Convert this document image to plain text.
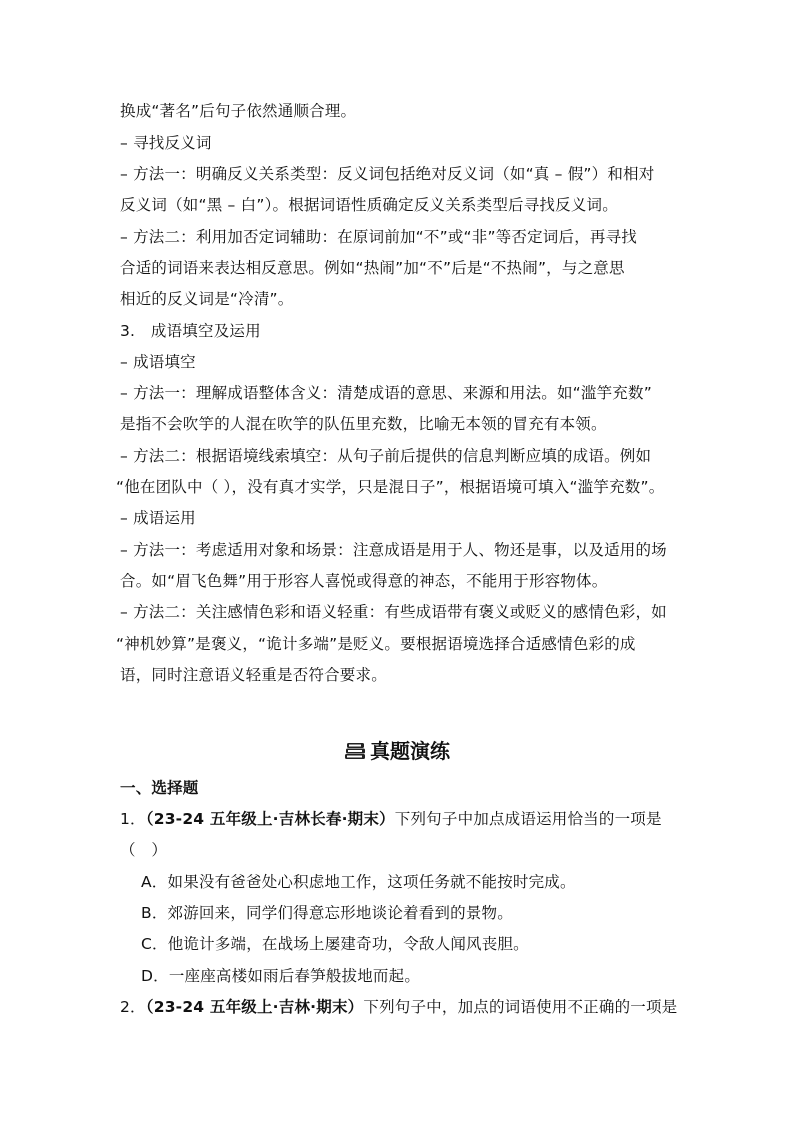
换成“著名”后句子依然通顺合理。
– 寻找反义词
– 方法一：明确反义关系类型：反义词包括绝对反义词（如“真 – 假”）和相对
反义词（如“黑 – 白”）。根据词语性质确定反义关系类型后寻找反义词。
– 方法二：利用加否定词辅助：在原词前加“不”或“非”等否定词后，再寻找
合适的词语来表达相反意思。例如“热闹”加“不”后是“不热闹”，与之意思
相近的反义词是“冷清”。
3.　成语填空及运用
– 成语填空
– 方法一：理解成语整体含义：清楚成语的意思、来源和用法。如“滥竽充数”
是指不会吹竽的人混在吹竽的队伍里充数，比喻无本领的冒充有本领。
– 方法二：根据语境线索填空：从句子前后提供的信息判断应填的成语。例如
“他在团队中（ ），没有真才实学，只是混日子”，根据语境可填入“滥竽充数”。
– 成语运用
– 方法一：考虑适用对象和场景：注意成语是用于人、物还是事，以及适用的场
合。如“眉飞色舞”用于形容人喜悦或得意的神态，不能用于形容物体。
– 方法二：关注感情色彩和语义轻重：有些成语带有褒义或贬义的感情色彩，如
“神机妙算”是褒义，“诡计多端”是贬义。要根据语境选择合适感情色彩的成
语，同时注意语义轻重是否符合要求。
真题演练
一、选择题
1．（23-24 五年级上·吉林长春·期末）下列句子中加点成语运用恰当的一项是
（　）
A．如果没有爸爸处心积虑地工作，这项任务就不能按时完成。
B．郊游回来，同学们得意忘形地谈论着看到的景物。
C．他诡计多端，在战场上屡建奇功，令敌人闻风丧胆。
D．一座座高楼如雨后春笋般拔地而起。
2．（23-24 五年级上·吉林·期末）下列句子中，加点的词语使用不正确的一项是
